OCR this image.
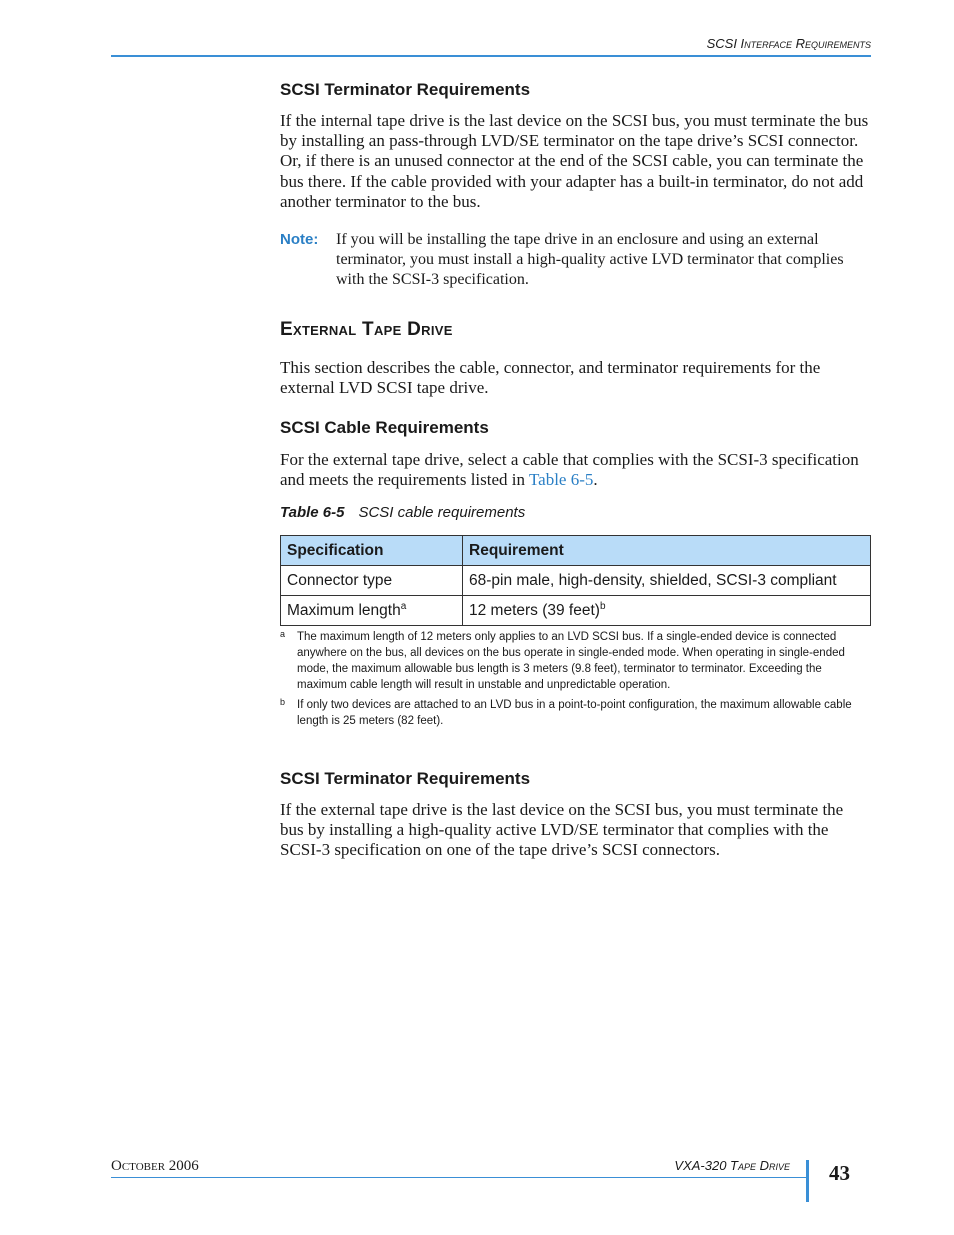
SCSI Interface Requirements
SCSI Terminator Requirements

If the internal tape drive is the last device on the SCSI bus, you must terminate the bus by installing an pass-through LVD/SE terminator on the tape drive’s SCSI connector. Or, if there is an unused connector at the end of the SCSI cable, you can terminate the bus there. If the cable provided with your adapter has a built-in terminator, do not add another terminator to the bus.

Note: If you will be installing the tape drive in an enclosure and using an external terminator, you must install a high-quality active LVD terminator that complies with the SCSI-3 specification.
External Tape Drive

This section describes the cable, connector, and terminator requirements for the external LVD SCSI tape drive.

SCSI Cable Requirements

For the external tape drive, select a cable that complies with the SCSI-3 specification and meets the requirements listed in Table 6-5.

Table 6-5 SCSI cable requirements
Specification	Requirement
Connector type	68-pin male, high-density, shielded, SCSI-3 compliant
Maximum length$^a$	12 meters (39 feet)$^b$
a The maximum length of 12 meters only applies to an LVD SCSI bus. If a single-ended device is connected anywhere on the bus, all devices on the bus operate in single-ended mode. When operating in single-ended mode, the maximum allowable bus length is 3 meters (9.8 feet), terminator to terminator. Exceeding the maximum cable length will result in unstable and unpredictable operation.
b If only two devices are attached to an LVD bus in a point-to-point configuration, the maximum allowable cable length is 25 meters (82 feet).
SCSI Terminator Requirements

If the external tape drive is the last device on the SCSI bus, you must terminate the bus by installing a high-quality active LVD/SE terminator that complies with the SCSI-3 specification on one of the tape drive’s SCSI connectors.

October 2006	VXA-320 Tape Drive 43
